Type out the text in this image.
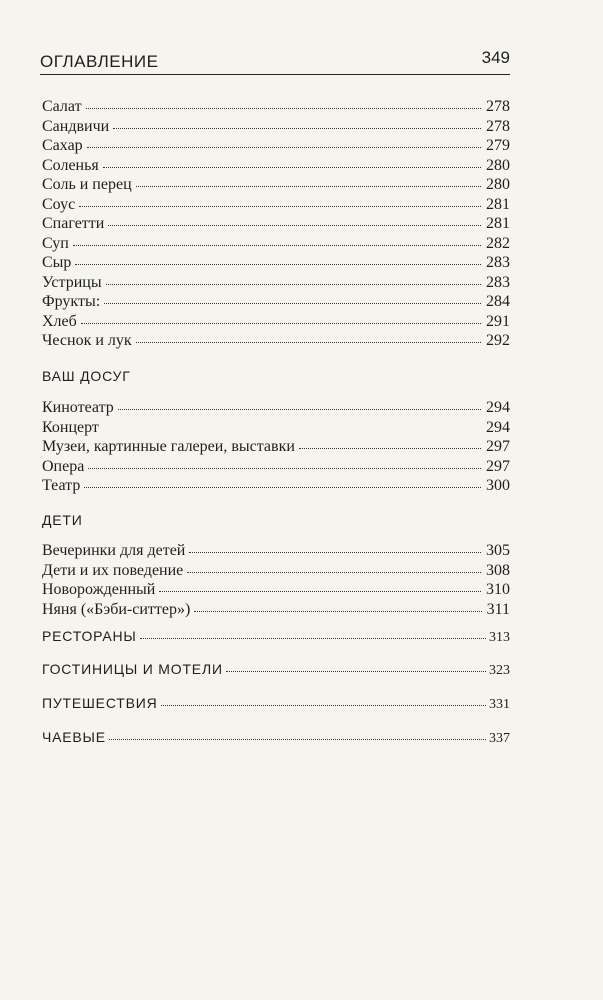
ОГЛАВЛЕНИЕ	349
Салат	278
Сандвичи	278
Сахар	279
Соленья	280
Соль и перец	280
Соус	281
Спагетти	281
Суп	282
Сыр	283
Устрицы	283
Фрукты:	284
Хлеб	291
Чеснок и лук	292
ВАШ ДОСУГ
Кинотеатр	294
Концерт	294
Музеи, картинные галереи, выставки	297
Опера	297
Театр	300
ДЕТИ
Вечеринки для детей	305
Дети и их поведение	308
Новорожденный	310
Няня («Бэби-ситтер»)	311
РЕСТОРАНЫ	313
ГОСТИНИЦЫ И МОТЕЛИ	323
ПУТЕШЕСТВИЯ	331
ЧАЕВЫЕ	337
